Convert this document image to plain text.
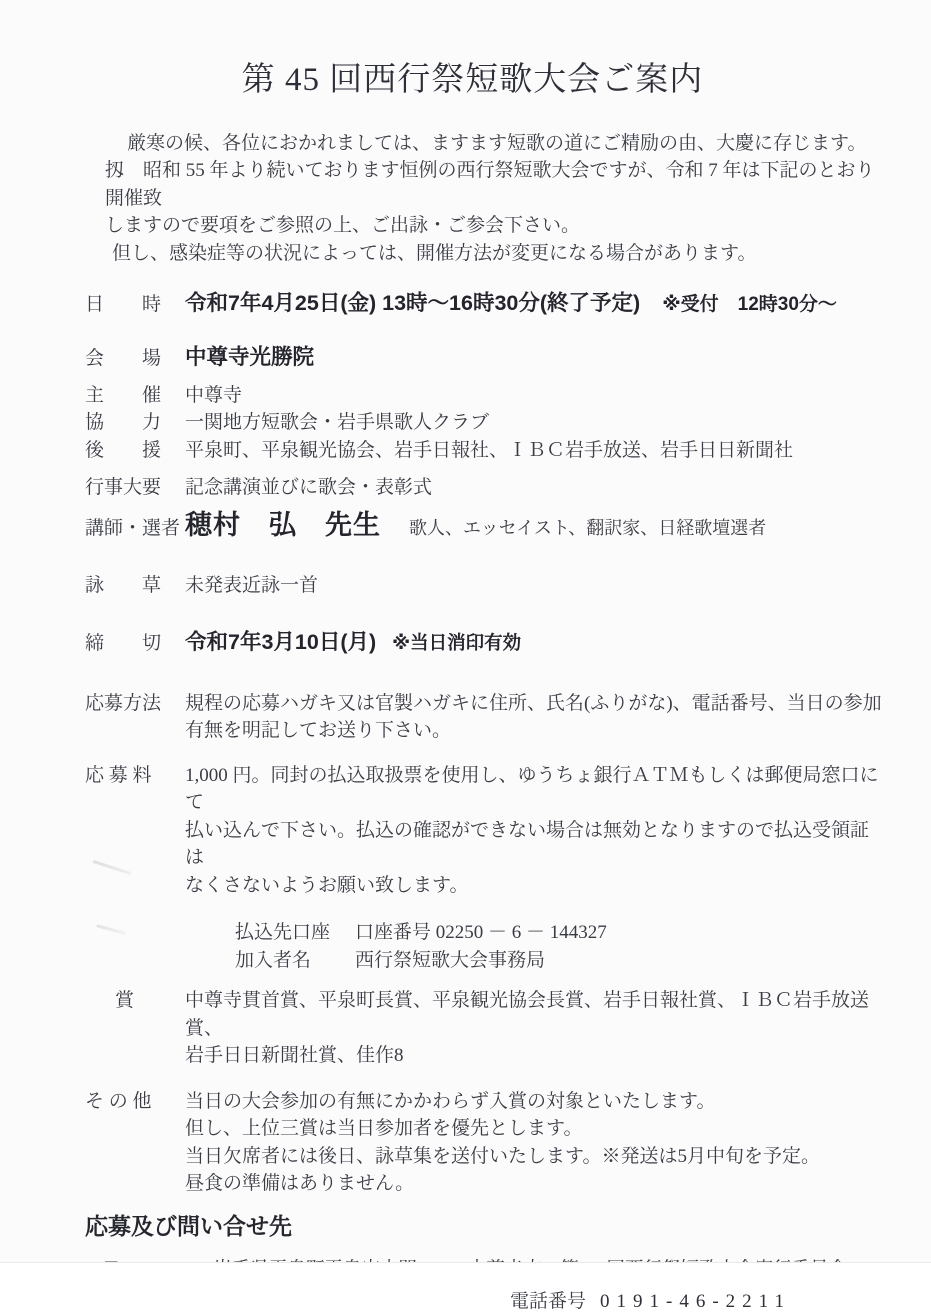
第 45 回西行祭短歌大会ご案内
厳寒の候、各位におかれましては、ますます短歌の道にご精励の由、大慶に存じます。
扨　昭和 55 年より続いております恒例の西行祭短歌大会ですが、令和 7 年は下記のとおり開催致
しますので要項をご参照の上、ご出詠・ご参会下さい。
但し、感染症等の状況によっては、開催方法が変更になる場合があります。
日　　時	令和7年4月25日(金) 13時～16時30分(終了予定) ※受付　12時30分～
会　　場	中尊寺光勝院
主　　催	中尊寺
協　　力	一関地方短歌会・岩手県歌人クラブ
後　　援	平泉町、平泉観光協会、岩手日報社、ＩＢＣ岩手放送、岩手日日新聞社
行事大要	記念講演並びに歌会・表彰式
講師・選者 穂村　弘　先生 歌人、エッセイスト、翻訳家、日経歌壇選者
詠　　草	未発表近詠一首
締　　切	令和7年3月10日(月) ※当日消印有効
応募方法	規程の応募ハガキ又は官製ハガキに住所、氏名(ふりがな)、電話番号、当日の参加
有無を明記してお送り下さい。
応 募 料	1,000 円。同封の払込取扱票を使用し、ゆうちょ銀行ＡＴＭもしくは郵便局窓口にて
払い込んで下さい。払込の確認ができない場合は無効となりますので払込受領証は
なくさないようお願い致します。
払込先口座	口座番号 02250 － 6 － 144327
加入者名	西行祭短歌大会事務局
賞	中尊寺貫首賞、平泉町長賞、平泉観光協会長賞、岩手日報社賞、ＩＢＣ岩手放送賞、
岩手日日新聞社賞、佳作8
そ の 他	当日の大会参加の有無にかかわらず入賞の対象といたします。
但し、上位三賞は当日参加者を優先とします。
当日欠席者には後日、詠草集を送付いたします。※発送は5月中旬を予定。
昼食の準備はありません。
応募及び問い合せ先
電話番号 0191-46-2211
